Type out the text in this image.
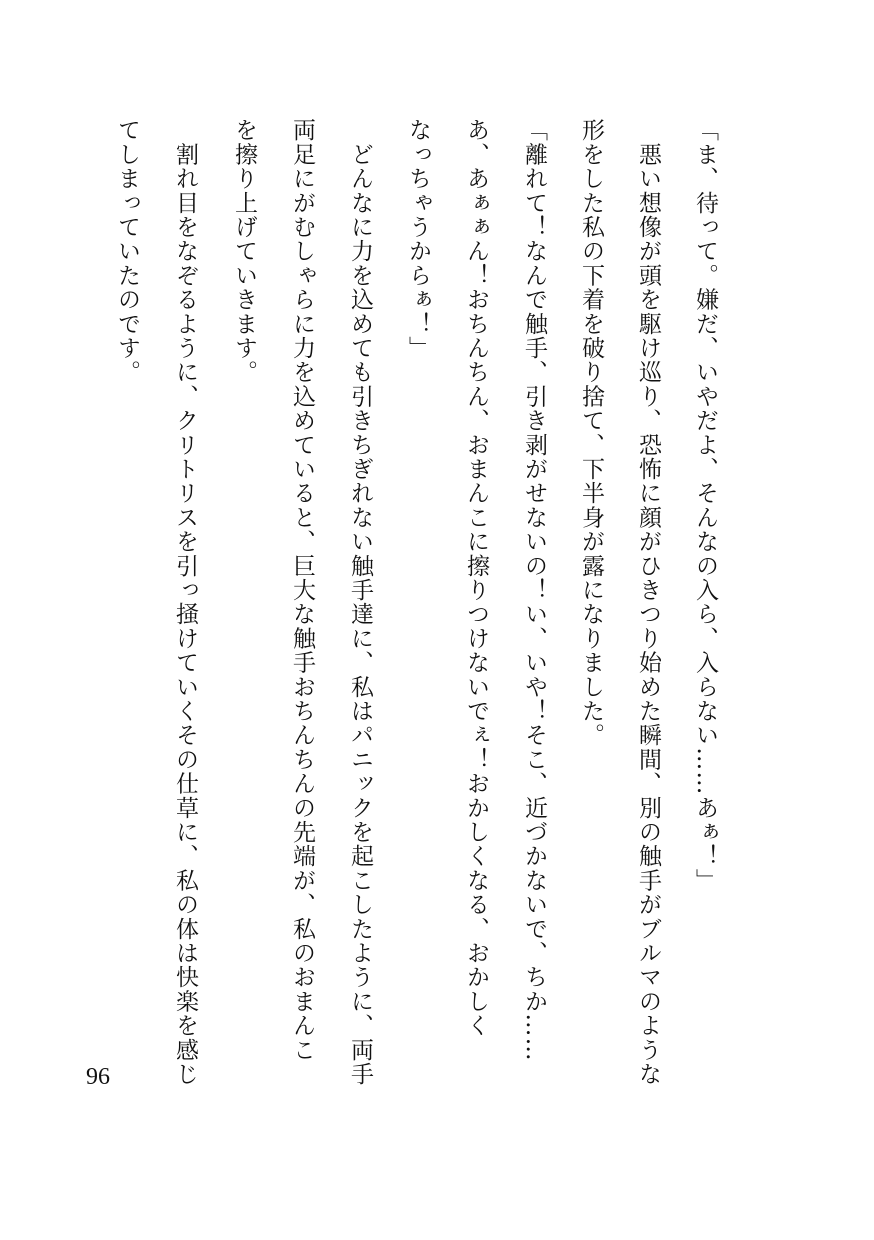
「ま、待って。嫌だ、いやだよ、そんなの入ら、入らない……あぁ！」
　悪い想像が頭を駆け巡り、恐怖に顔がひきつり始めた瞬間、別の触手がブルマのような
形をした私の下着を破り捨て、下半身が露になりました。
「離れて！なんで触手、引き剥がせないの！い、いや！そこ、近づかないで、ちか……
あ、あぁぁん！おちんちん、おまんこに擦りつけないでぇ！おかしくなる、おかしく
なっちゃうからぁ！」
　どんなに力を込めても引きちぎれない触手達に、私はパニックを起こしたように、両手
両足にがむしゃらに力を込めていると、巨大な触手おちんちんの先端が、私のおまんこ
を擦り上げていきます。
　割れ目をなぞるように、クリトリスを引っ掻けていくその仕草に、私の体は快楽を感じ
てしまっていたのです。
96
